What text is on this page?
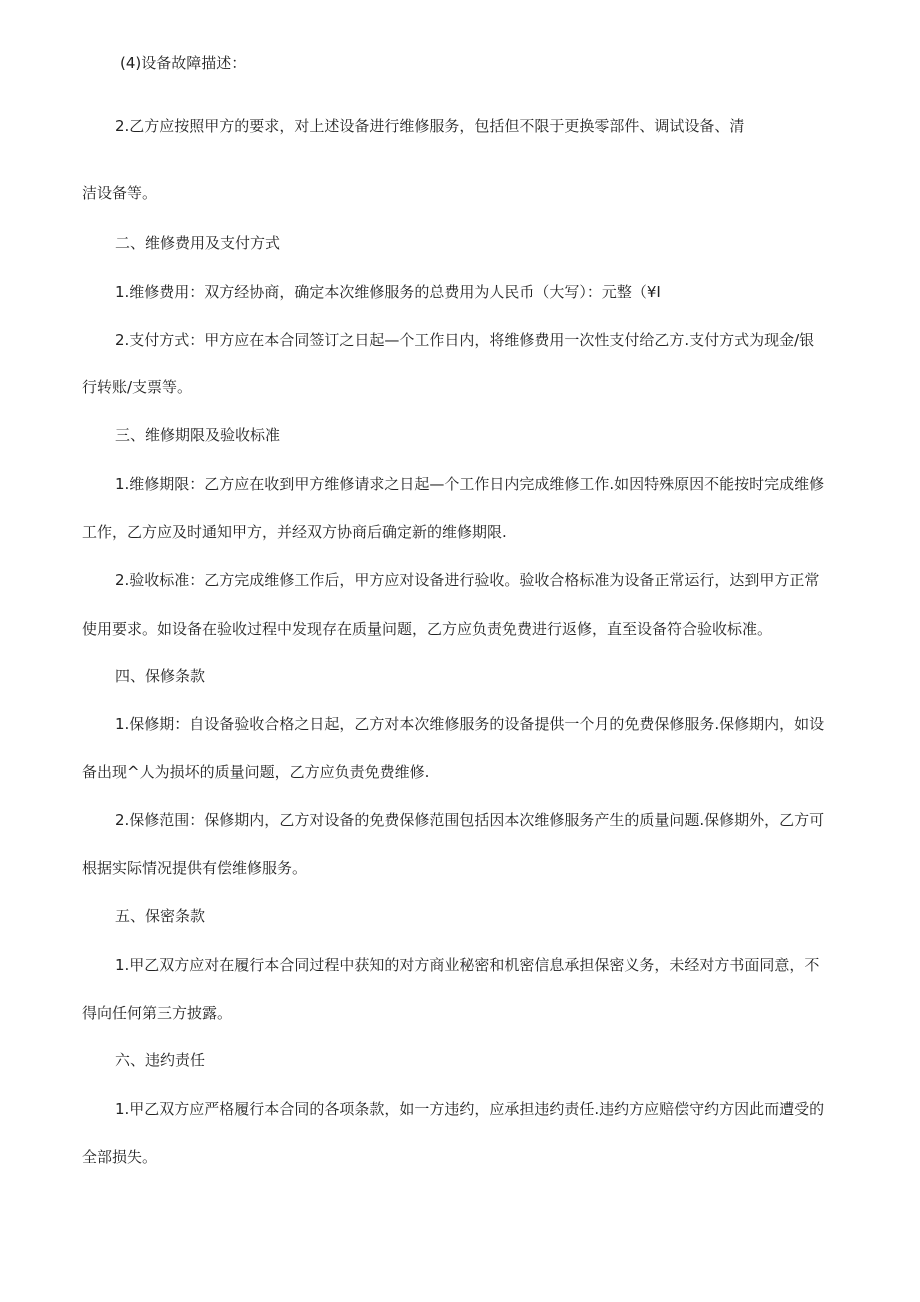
(4)设备故障描述：
2.乙方应按照甲方的要求，对上述设备进行维修服务，包括但不限于更换零部件、调试设备、清
洁设备等。
二、维修费用及支付方式
1.维修费用：双方经协商，确定本次维修服务的总费用为人民币（大写）：元整（¥I
2.支付方式：甲方应在本合同签订之日起—个工作日内，将维修费用一次性支付给乙方.支付方式为现金/银
行转账/支票等。
三、维修期限及验收标准
1.维修期限：乙方应在收到甲方维修请求之日起—个工作日内完成维修工作.如因特殊原因不能按时完成维修
工作，乙方应及时通知甲方，并经双方协商后确定新的维修期限.
2.验收标准：乙方完成维修工作后，甲方应对设备进行验收。验收合格标准为设备正常运行，达到甲方正常
使用要求。如设备在验收过程中发现存在质量问题，乙方应负责免费进行返修，直至设备符合验收标准。
四、保修条款
1.保修期：自设备验收合格之日起，乙方对本次维修服务的设备提供一个月的免费保修服务.保修期内，如设
备出现^人为损坏的质量问题，乙方应负责免费维修.
2.保修范围：保修期内，乙方对设备的免费保修范围包括因本次维修服务产生的质量问题.保修期外，乙方可
根据实际情况提供有偿维修服务。
五、保密条款
1.甲乙双方应对在履行本合同过程中获知的对方商业秘密和机密信息承担保密义务，未经对方书面同意，不
得向任何第三方披露。
六、违约责任
1.甲乙双方应严格履行本合同的各项条款，如一方违约，应承担违约责任.违约方应赔偿守约方因此而遭受的
全部损失。
